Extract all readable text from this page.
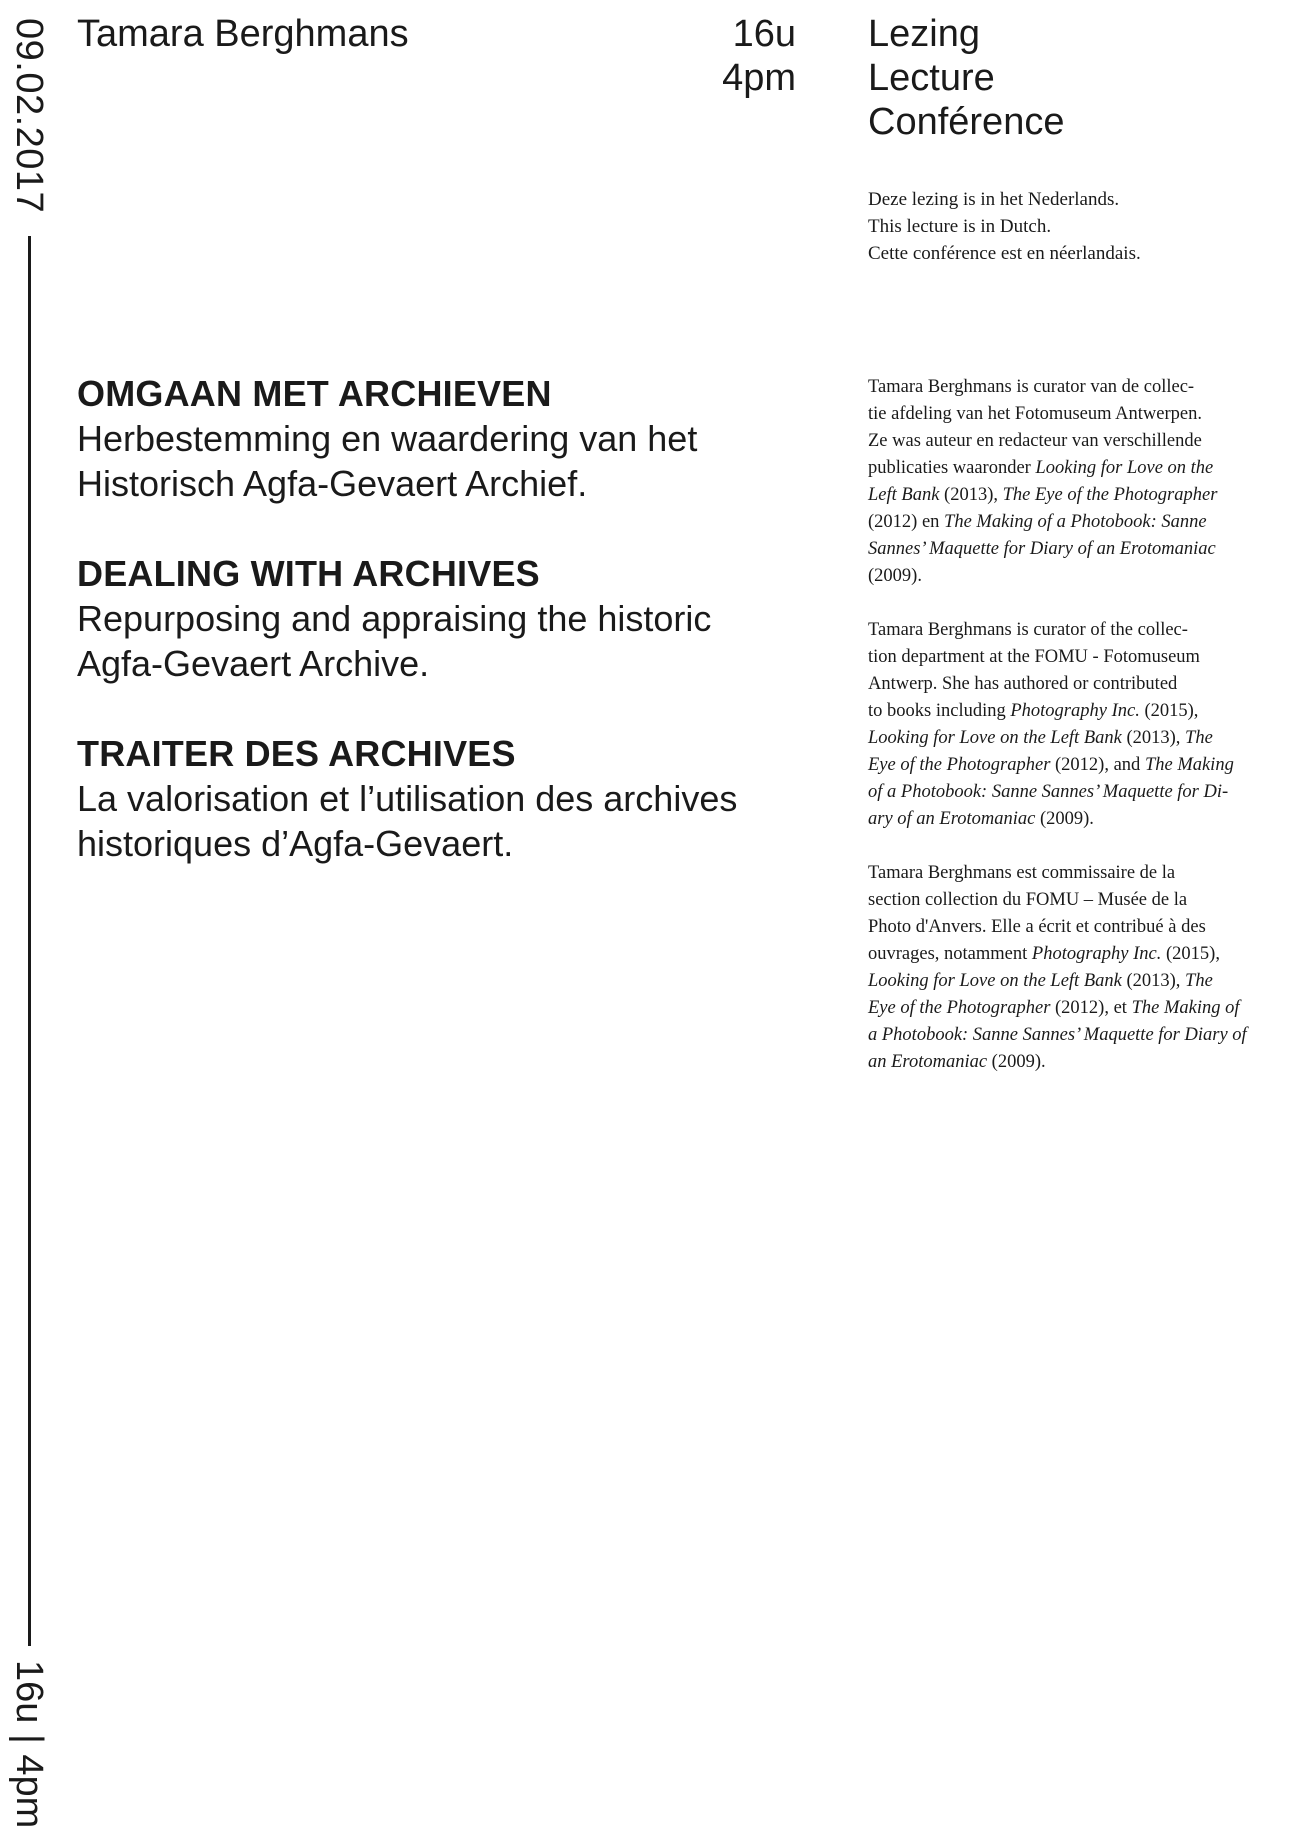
09.02.2017
16u | 4pm
Tamara Berghmans	16u
4pm
Lezing
Lecture
Conférence
Deze lezing is in het Nederlands.
This lecture is in Dutch.
Cette conférence est en néerlandais.
OMGAAN MET ARCHIEVEN
Herbestemming en waardering van het
Historisch Agfa-Gevaert Archief.
DEALING WITH ARCHIVES
Repurposing and appraising the historic
Agfa-Gevaert Archive.
TRAITER DES ARCHIVES
La valorisation et l’utilisation des archives
historiques d’Agfa-Gevaert.
Tamara Berghmans is curator van de collec-
tie afdeling van het Fotomuseum Antwerpen.
Ze was auteur en redacteur van verschillende
publicaties waaronder Looking for Love on the
Left Bank (2013), The Eye of the Photographer
(2012) en The Making of a Photobook: Sanne
Sannes’ Maquette for Diary of an Erotomaniac
(2009).
Tamara Berghmans is curator of the collec-
tion department at the FOMU - Fotomuseum
Antwerp. She has authored or contributed
to books including Photography Inc. (2015),
Looking for Love on the Left Bank (2013), The
Eye of the Photographer (2012), and The Making
of a Photobook: Sanne Sannes’ Maquette for Di-
ary of an Erotomaniac (2009).
Tamara Berghmans est commissaire de la
section collection du FOMU – Musée de la
Photo d'Anvers. Elle a écrit et contribué à des
ouvrages, notamment Photography Inc. (2015),
Looking for Love on the Left Bank (2013), The
Eye of the Photographer (2012), et The Making of
a Photobook: Sanne Sannes’ Maquette for Diary of
an Erotomaniac (2009).
